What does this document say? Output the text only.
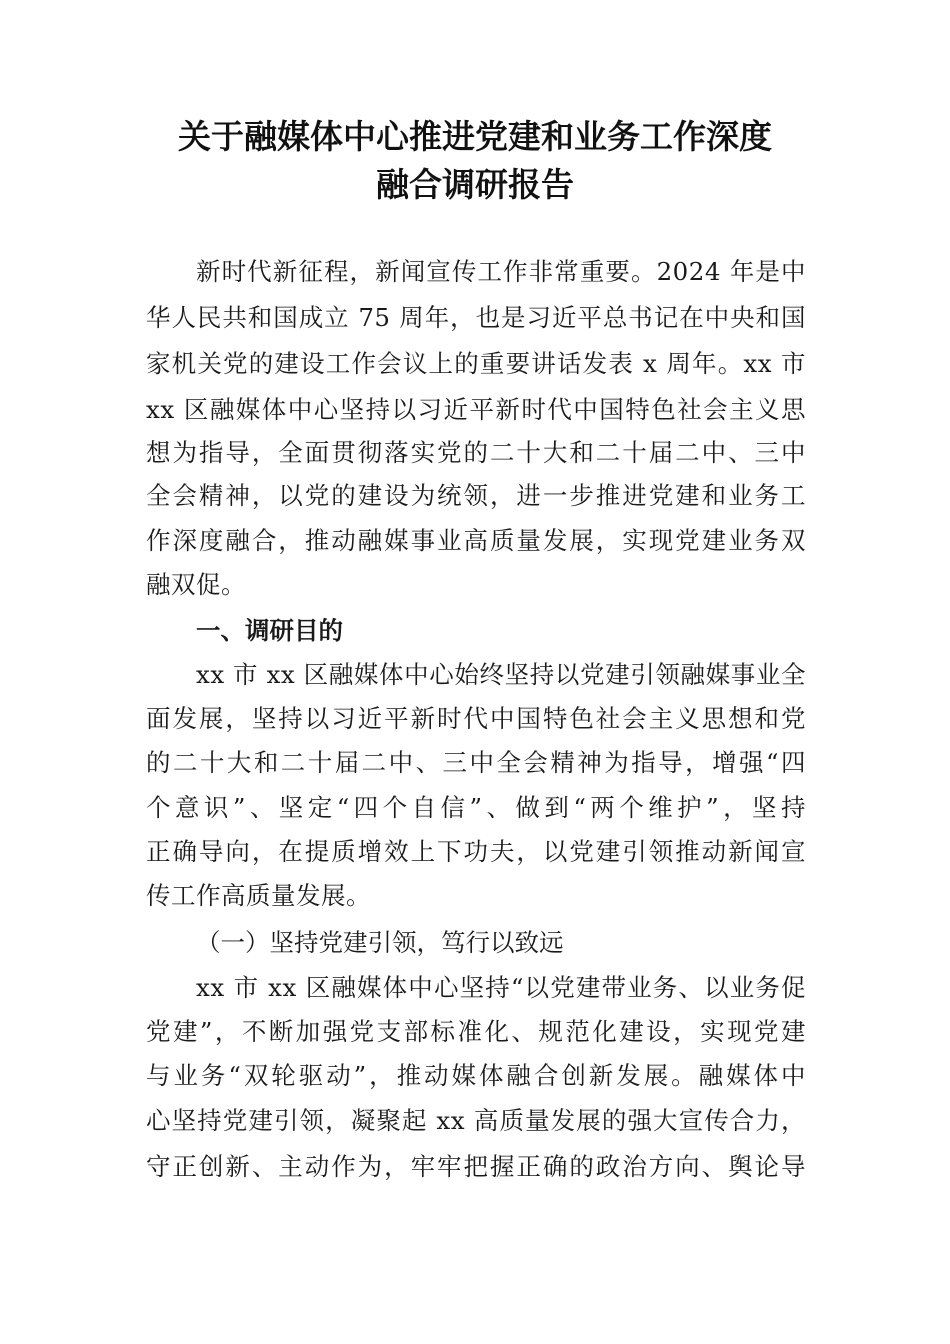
关于融媒体中心推进党建和业务工作深度
融合调研报告
新时代新征程，新闻宣传工作非常重要。2024 年是中
华人民共和国成立 75 周年，也是习近平总书记在中央和国
家机关党的建设工作会议上的重要讲话发表 x 周年。xx 市
xx 区融媒体中心坚持以习近平新时代中国特色社会主义思
想为指导，全面贯彻落实党的二十大和二十届二中、三中
全会精神，以党的建设为统领，进一步推进党建和业务工
作深度融合，推动融媒事业高质量发展，实现党建业务双
融双促。
一、调研目的
xx 市 xx 区融媒体中心始终坚持以党建引领融媒事业全
面发展，坚持以习近平新时代中国特色社会主义思想和党
的二十大和二十届二中、三中全会精神为指导，增强“四
个意识”、坚定“四个自信”、做到“两个维护”，坚持
正确导向，在提质增效上下功夫，以党建引领推动新闻宣
传工作高质量发展。
（一）坚持党建引领，笃行以致远
xx 市 xx 区融媒体中心坚持“以党建带业务、以业务促
党建”，不断加强党支部标准化、规范化建设，实现党建
与业务“双轮驱动”，推动媒体融合创新发展。融媒体中
心坚持党建引领，凝聚起 xx 高质量发展的强大宣传合力，
守正创新、主动作为，牢牢把握正确的政治方向、舆论导
